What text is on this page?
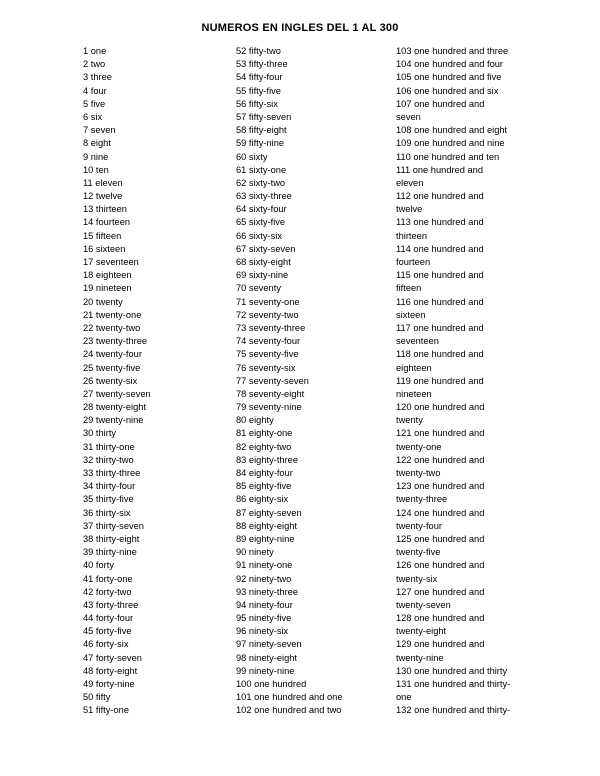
NUMEROS EN INGLES DEL 1 AL 300
1 one
2 two
3 three
4 four
5 five
6 six
7 seven
8 eight
9 nine
10 ten
11 eleven
12 twelve
13 thirteen
14 fourteen
15 fifteen
16 sixteen
17 seventeen
18 eighteen
19 nineteen
20 twenty
21 twenty-one
22 twenty-two
23 twenty-three
24 twenty-four
25 twenty-five
26 twenty-six
27 twenty-seven
28 twenty-eight
29 twenty-nine
30 thirty
31 thirty-one
32 thirty-two
33 thirty-three
34 thirty-four
35 thirty-five
36 thirty-six
37 thirty-seven
38 thirty-eight
39 thirty-nine
40 forty
41 forty-one
42 forty-two
43 forty-three
44 forty-four
45 forty-five
46 forty-six
47 forty-seven
48 forty-eight
49 forty-nine
50 fifty
51 fifty-one
52 fifty-two
53 fifty-three
54 fifty-four
55 fifty-five
56 fifty-six
57 fifty-seven
58 fifty-eight
59 fifty-nine
60 sixty
61 sixty-one
62 sixty-two
63 sixty-three
64 sixty-four
65 sixty-five
66 sixty-six
67 sixty-seven
68 sixty-eight
69 sixty-nine
70 seventy
71 seventy-one
72 seventy-two
73 seventy-three
74 seventy-four
75 seventy-five
76 seventy-six
77 seventy-seven
78 seventy-eight
79 seventy-nine
80 eighty
81 eighty-one
82 eighty-two
83 eighty-three
84 eighty-four
85 eighty-five
86 eighty-six
87 eighty-seven
88 eighty-eight
89 eighty-nine
90 ninety
91 ninety-one
92 ninety-two
93 ninety-three
94 ninety-four
95 ninety-five
96 ninety-six
97 ninety-seven
98 ninety-eight
99 ninety-nine
100 one hundred
101 one hundred and one
102 one hundred and two
103 one hundred and three
104 one hundred and four
105 one hundred and five
106 one hundred and six
107 one hundred and
seven
108 one hundred and eight
109 one hundred and nine
110 one hundred and ten
111 one hundred and
eleven
112 one hundred and
twelve
113 one hundred and
thirteen
114 one hundred and
fourteen
115 one hundred and
fifteen
116 one hundred and
sixteen
117 one hundred and
seventeen
118 one hundred and
eighteen
119 one hundred and
nineteen
120 one hundred and
twenty
121 one hundred and
twenty-one
122 one hundred and
twenty-two
123 one hundred and
twenty-three
124 one hundred and
twenty-four
125 one hundred and
twenty-five
126 one hundred and
twenty-six
127 one hundred and
twenty-seven
128 one hundred and
twenty-eight
129 one hundred and
twenty-nine
130 one hundred and thirty
131 one hundred and thirty-
one
132 one hundred and thirty-
